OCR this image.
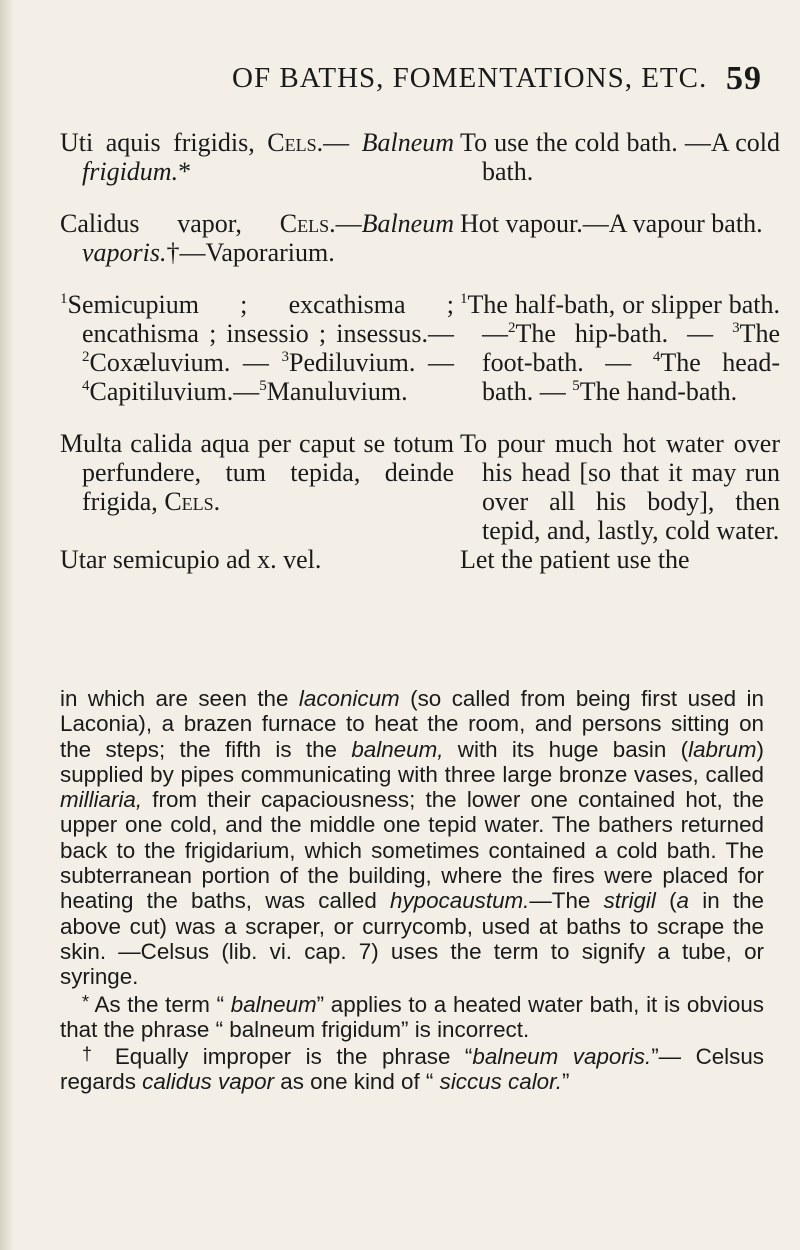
OF BATHS, FOMENTATIONS, ETC. 59
Uti aquis frigidis, Cels.— Balneum frigidum.*
To use the cold bath. —A cold bath.
Calidus vapor, Cels.—Balneum vaporis.†—Vaporarium.
Hot vapour.—A vapour bath.
$^1$Semicupium ; excathisma ; encathisma ; insessio ; insessus.—$^2$Coxæluvium. — $^3$Pediluvium. — $^4$Capitiluvium.—$^5$Manuluvium.
$^1$The half-bath, or slipper bath.—$^2$The hip-bath. — $^3$The foot-bath. — $^4$The head-bath. — $^5$The hand-bath.
Multa calida aqua per caput se totum perfundere, tum tepida, deinde frigida, Cels.
To pour much hot water over his head [so that it may run over all his body], then tepid, and, lastly, cold water.
Utar semicupio ad x. vel.	Let the patient use the

in which are seen the laconicum (so called from being first used in Laconia), a brazen furnace to heat the room, and persons sitting on the steps; the fifth is the balneum, with its huge basin (labrum) supplied by pipes communicating with three large bronze vases, called milliaria, from their capaciousness; the lower one contained hot, the upper one cold, and the middle one tepid water. The bathers returned back to the frigidarium, which sometimes contained a cold bath. The subterranean portion of the building, where the fires were placed for heating the baths, was called hypocaustum.—The strigil (a in the above cut) was a scraper, or currycomb, used at baths to scrape the skin. —Celsus (lib. vi. cap. 7) uses the term to signify a tube, or syringe.

* As the term “ balneum” applies to a heated water bath, it is obvious that the phrase “ balneum frigidum” is incorrect.

† Equally improper is the phrase “balneum vaporis.”— Celsus regards calidus vapor as one kind of “ siccus calor.”
